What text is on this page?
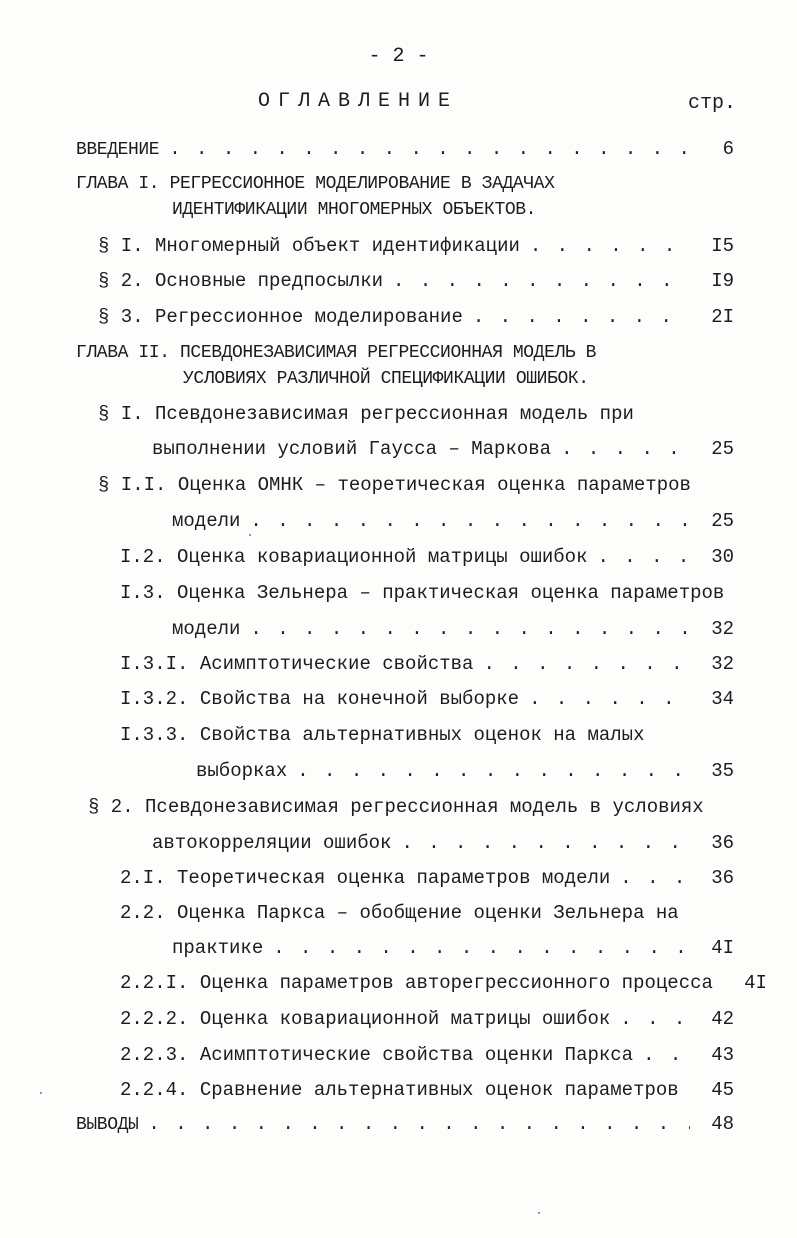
- 2 -
ОГЛАВЛЕНИЕ	стр.
ВВЕДЕНИЕ . . .	6
ГЛАВА I. РЕГРЕССИОННОЕ МОДЕЛИРОВАНИЕ В ЗАДАЧАХ
ИДЕНТИФИКАЦИИ МНОГОМЕРНЫХ ОБЪЕКТОВ.
§ I. Многомерный объект идентификации . . .	I5
§ 2. Основные предпосылки . . .	I9
§ 3. Регрессионное моделирование . . .	2I
ГЛАВА II. ПСЕВДОНЕЗАВИСИМАЯ РЕГРЕССИОННАЯ МОДЕЛЬ В
УСЛОВИЯХ РАЗЛИЧНОЙ СПЕЦИФИКАЦИИ ОШИБОК.
§ I. Псевдонезависимая регрессионная модель при
выполнении условий Гаусса – Маркова . . .	25
§ I.I. Оценка ОМНК – теоретическая оценка параметров
модели . . .	25
I.2. Оценка ковариационной матрицы ошибок . . .	30
I.3. Оценка Зельнера – практическая оценка параметров
модели . . .	32
I.3.I. Асимптотические свойства . . .	32
I.3.2. Свойства на конечной выборке . . .	34
I.3.3. Свойства альтернативных оценок на малых
выборках . . .	35
§ 2. Псевдонезависимая регрессионная модель в условиях
автокорреляции ошибок . . .	36
2.I. Теоретическая оценка параметров модели . . .	36
2.2. Оценка Паркса – обобщение оценки Зельнера на
практике . . .	4I
2.2.I. Оценка параметров авторегрессионного процесса	4I
2.2.2. Оценка ковариационной матрицы ошибок . . .	42
2.2.3. Асимптотические свойства оценки Паркса . . .	43
2.2.4. Сравнение альтернативных оценок параметров . . .	45
ВЫВОДЫ . . .	48
